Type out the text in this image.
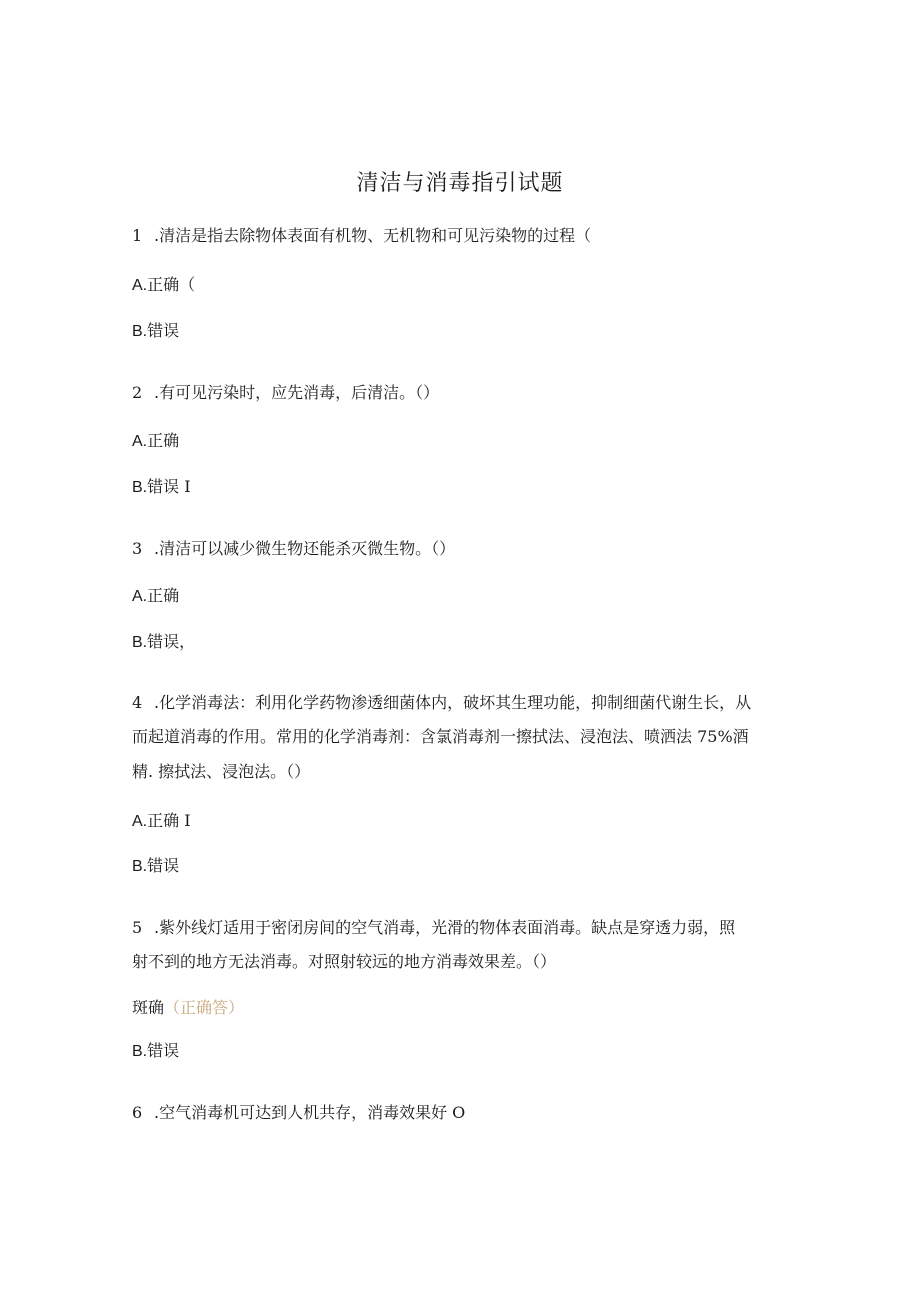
清洁与消毒指引试题
1 .清洁是指去除物体表面有机物、无机物和可见污染物的过程（
A.正确（
B.错误
2 .有可见污染时，应先消毒，后清洁。（）
A.正确
B.错误 I
3 .清洁可以减少微生物还能杀灭微生物。（）
A.正确
B.错误，
4 .化学消毒法：利用化学药物渗透细菌体内，破坏其生理功能，抑制细菌代谢生长，从
而起道消毒的作用。常用的化学消毒剂：含氯消毒剂一擦拭法、浸泡法、喷洒法 75%酒
精. 擦拭法、浸泡法。（）
A.正确 I
B.错误
5 .紫外线灯适用于密闭房间的空气消毒，光滑的物体表面消毒。缺点是穿透力弱，照
射不到的地方无法消毒。对照射较远的地方消毒效果差。（）
斑确（正确答）
B.错误
6 .空气消毒机可达到人机共存，消毒效果好 O
